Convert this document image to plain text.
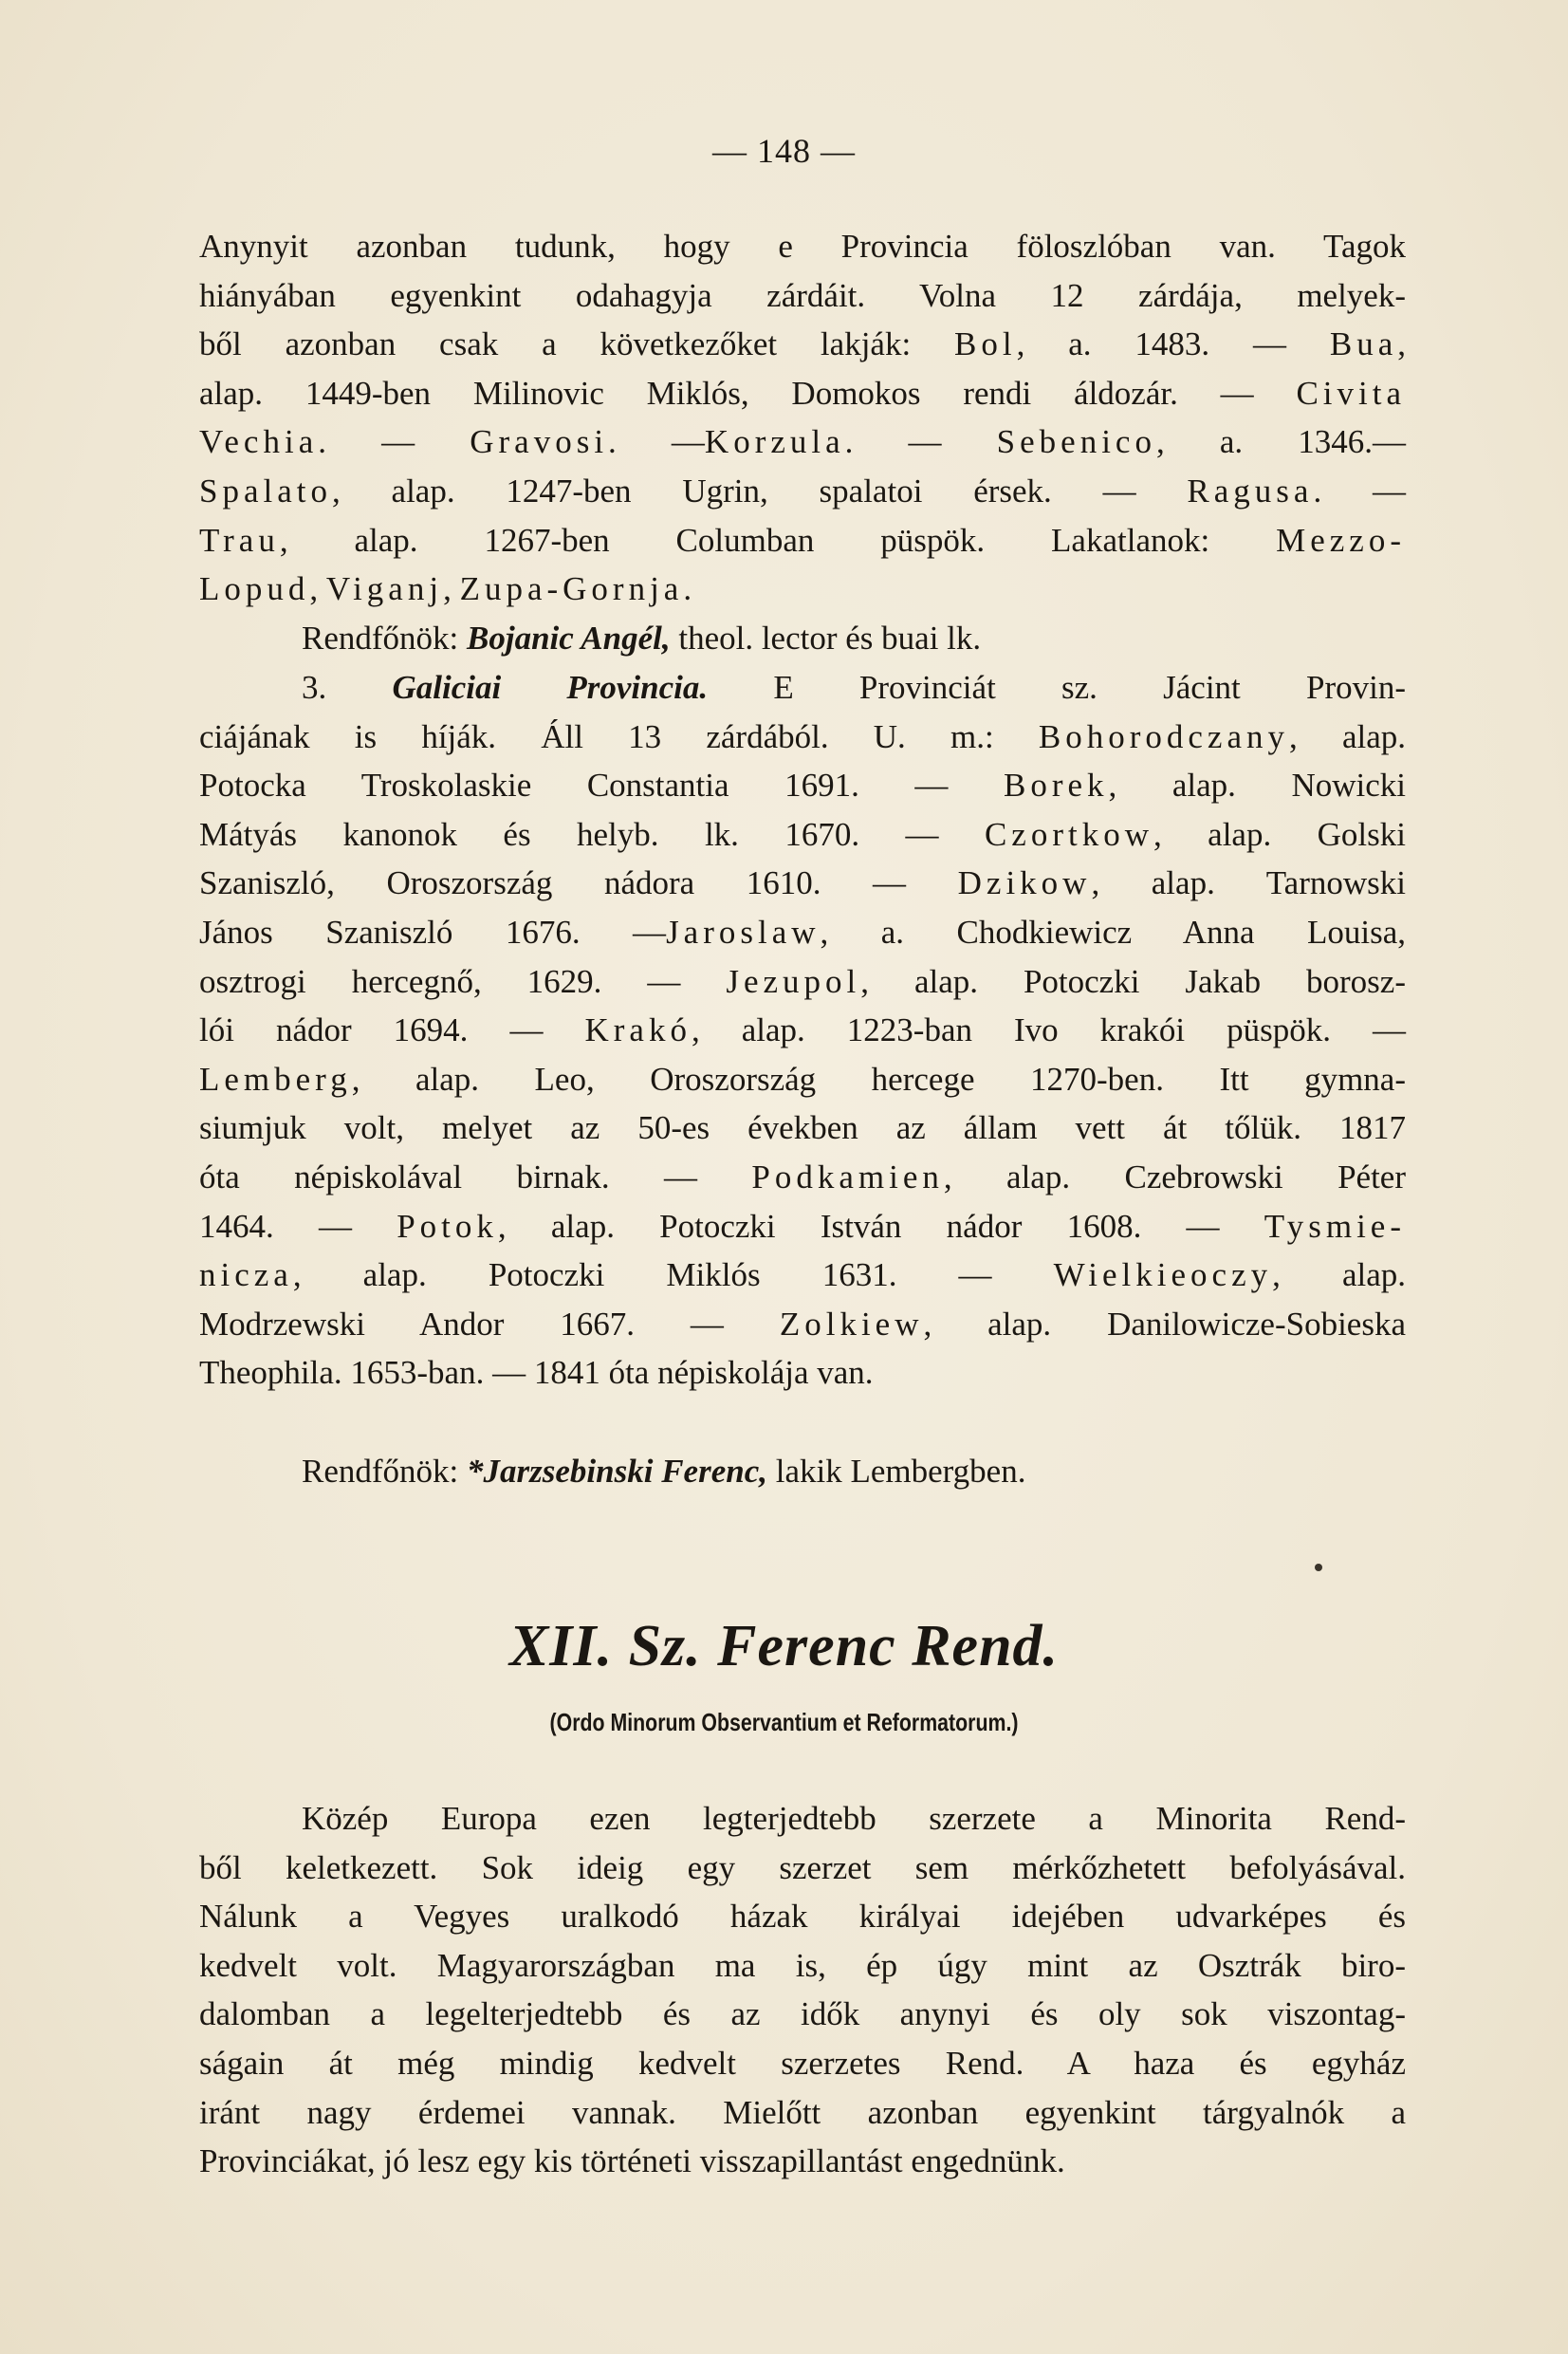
— 148 —
Anynyit azonban tudunk, hogy e Provincia föloszlóban van. Tagok
hiányában egyenkint odahagyja zárdáit. Volna 12 zárdája, melyek-
ből azonban csak a következőket lakják: Bol, a. 1483. — Bua,
alap. 1449-ben Milinovic Miklós, Domokos rendi áldozár. — Civita
Vechia. — Gravosi. —Korzula. — Sebenico, a. 1346.—
Spalato, alap. 1247-ben Ugrin, spalatoi érsek. — Ragusa. —
Trau, alap. 1267-ben Columban püspök. Lakatlanok: Mezzo-
Lopud, Viganj, Zupa-Gornja.
Rendfőnök: Bojanic Angél, theol. lector és buai lk.
3. Galiciai Provincia. E Provinciát sz. Jácint Provin-
ciájának is híják. Áll 13 zárdából. U. m.: Bohorodczany, alap.
Potocka Troskolaskie Constantia 1691. — Borek, alap. Nowicki
Mátyás kanonok és helyb. lk. 1670. — Czortkow, alap. Golski
Szaniszló, Oroszország nádora 1610. — Dzikow, alap. Tarnowski
János Szaniszló 1676. —Jaroslaw, a. Chodkiewicz Anna Louisa,
osztrogi hercegnő, 1629. — Jezupol, alap. Potoczki Jakab borosz-
lói nádor 1694. — Krakó, alap. 1223-ban Ivo krakói püspök. —
Lemberg, alap. Leo, Oroszország hercege 1270-ben. Itt gymna-
siumjuk volt, melyet az 50-es években az állam vett át tőlük. 1817
óta népiskolával birnak. — Podkamien, alap. Czebrowski Péter
1464. — Potok, alap. Potoczki István nádor 1608. — Tysmie-
nicza, alap. Potoczki Miklós 1631. — Wielkieoczy, alap.
Modrzewski Andor 1667. — Zolkiew, alap. Danilowicze-Sobieska
Theophila. 1653-ban. — 1841 óta népiskolája van.
Rendfőnök: *Jarzsebinski Ferenc, lakik Lembergben.
XII. Sz. Ferenc Rend.
(Ordo Minorum Observantium et Reformatorum.)
Közép Europa ezen legterjedtebb szerzete a Minorita Rend-
ből keletkezett. Sok ideig egy szerzet sem mérkőzhetett befolyásával.
Nálunk a Vegyes uralkodó házak királyai idejében udvarképes és
kedvelt volt. Magyarországban ma is, ép úgy mint az Osztrák biro-
dalomban a legelterjedtebb és az idők anynyi és oly sok viszontag-
ságain át még mindig kedvelt szerzetes Rend. A haza és egyház
iránt nagy érdemei vannak. Mielőtt azonban egyenkint tárgyalnók a
Provinciákat, jó lesz egy kis történeti visszapillantást engednünk.
